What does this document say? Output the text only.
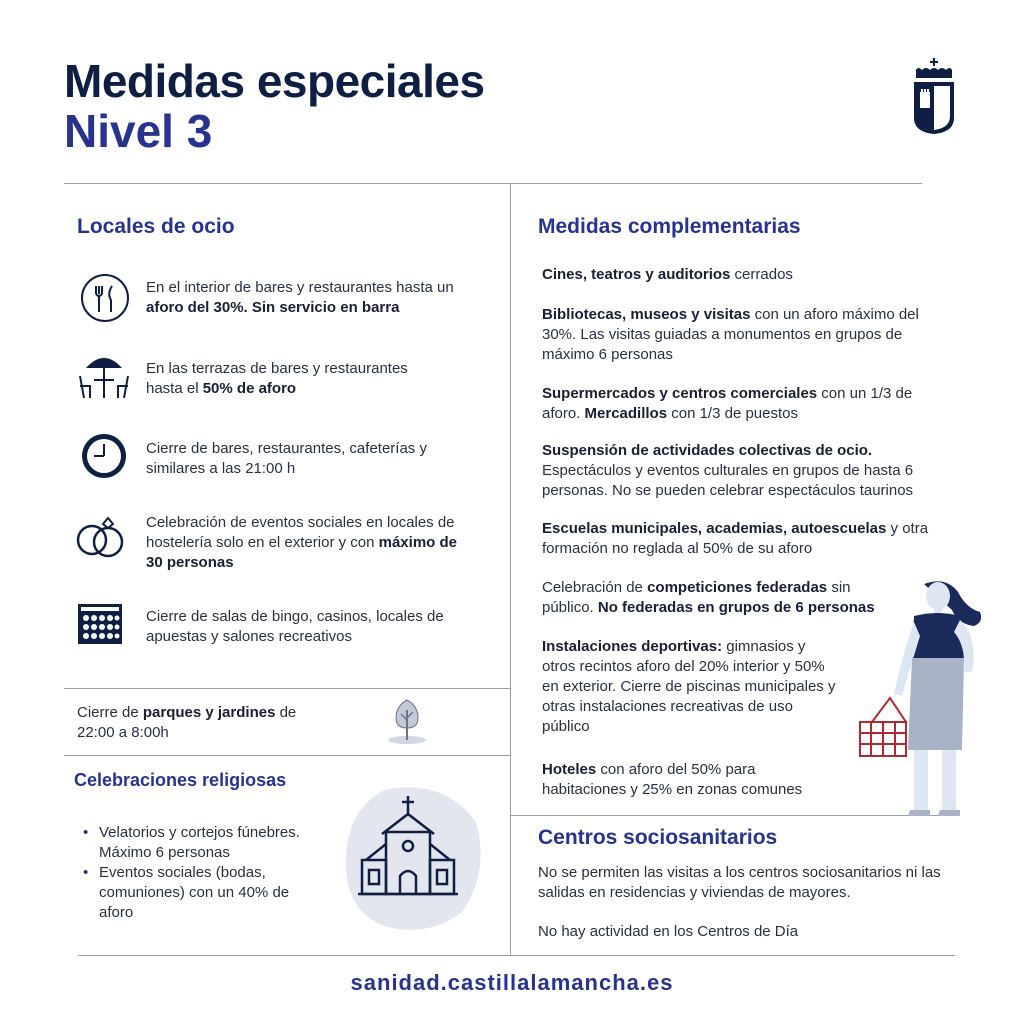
Medidas especiales
Nivel 3
Locales de ocio
En el interior de bares y restaurantes hasta un aforo del 30%. Sin servicio en barra
En las terrazas de bares y restaurantes hasta el 50% de aforo
Cierre de bares, restaurantes, cafeterías y similares a las 21:00 h
Celebración de eventos sociales en locales de hostelería solo en el exterior y con máximo de 30 personas
Cierre de salas de bingo, casinos, locales de apuestas y salones recreativos
Cierre de parques y jardines de 22:00 a 8:00h
Celebraciones religiosas
• Velatorios y cortejos fúnebres. Máximo 6 personas
• Eventos sociales (bodas, comuniones) con un 40% de aforo
Medidas complementarias
Cines, teatros y auditorios cerrados
Bibliotecas, museos y visitas con un aforo máximo del 30%. Las visitas guiadas a monumentos en grupos de máximo 6 personas
Supermercados y centros comerciales con un 1/3 de aforo. Mercadillos con 1/3 de puestos
Suspensión de actividades colectivas de ocio. Espectáculos y eventos culturales en grupos de hasta 6 personas. No se pueden celebrar espectáculos taurinos
Escuelas municipales, academias, autoescuelas y otra formación no reglada al 50% de su aforo
Celebración de competiciones federadas sin público. No federadas en grupos de 6 personas
Instalaciones deportivas: gimnasios y otros recintos aforo del 20% interior y 50% en exterior. Cierre de piscinas municipales y otras instalaciones recreativas de uso público
Hoteles con aforo del 50% para habitaciones y 25% en zonas comunes
Centros sociosanitarios
No se permiten las visitas a los centros sociosanitarios ni las salidas en residencias y viviendas de mayores.
No hay actividad en los Centros de Día
sanidad.castillalamancha.es
